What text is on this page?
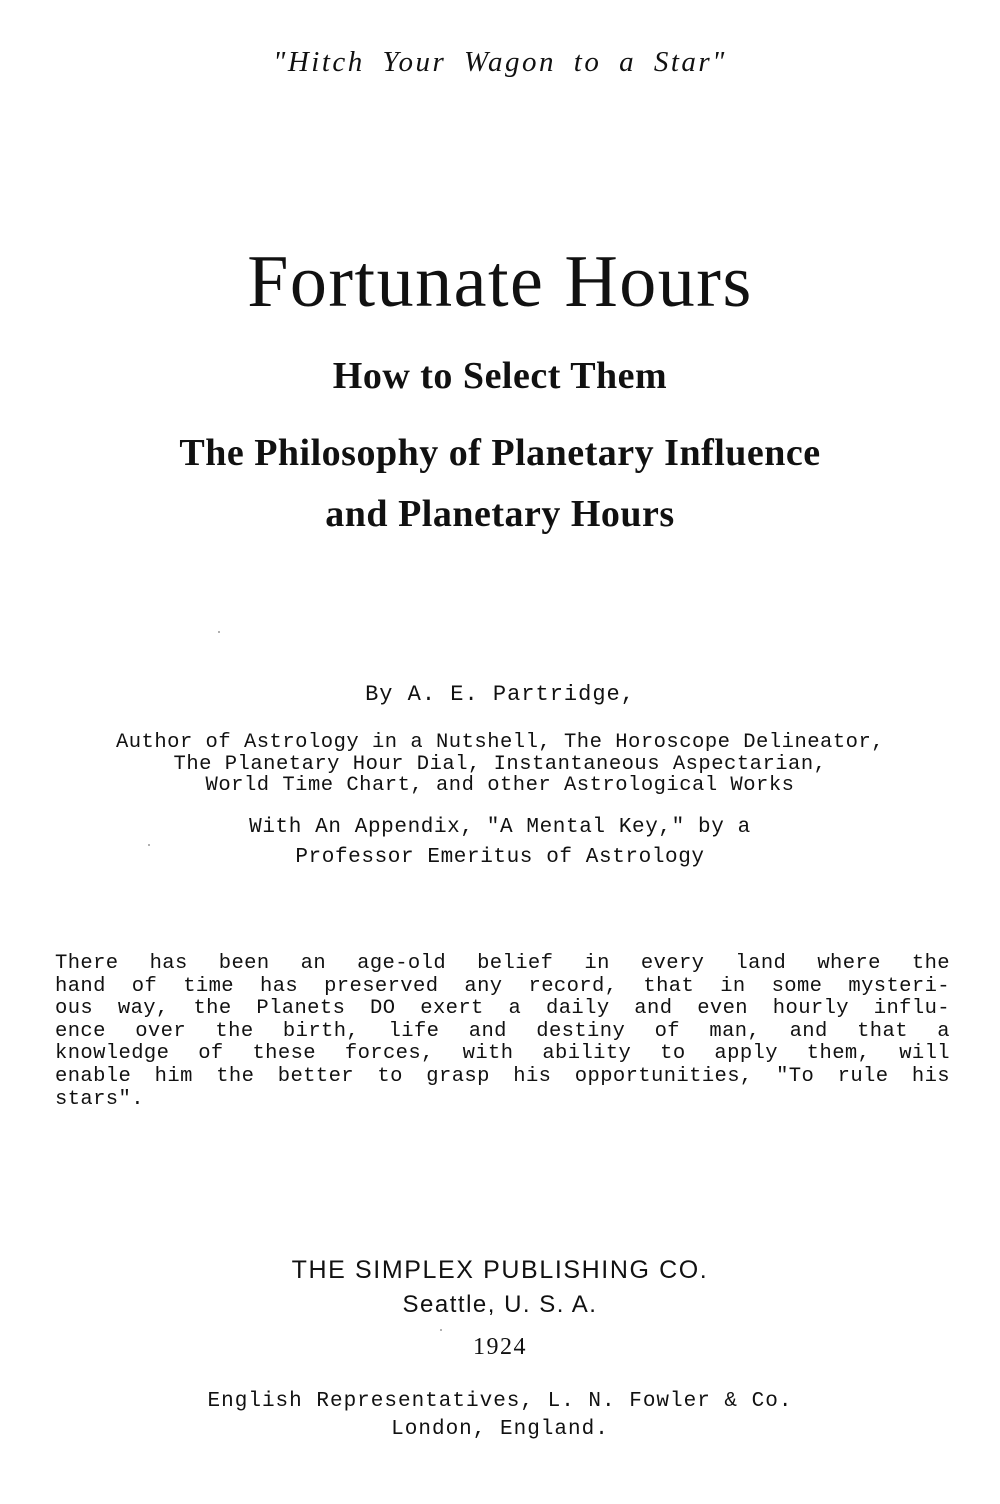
"Hitch Your Wagon to a Star"

Fortunate Hours

How to Select Them

The Philosophy of Planetary Influence

and Planetary Hours

By A. E. Partridge,

Author of Astrology in a Nutshell, The Horoscope Delineator,

The Planetary Hour Dial, Instantaneous Aspectarian,

World Time Chart, and other Astrological Works

With An Appendix, "A Mental Key," by a

Professor Emeritus of Astrology

There has been an age-old belief in every land where the
hand of time has preserved any record, that in some mysteri-
ous way, the Planets DO exert a daily and even hourly influ-
ence over the birth, life and destiny of man, and that a
knowledge of these forces, with ability to apply them, will
enable him the better to grasp his opportunities, "To rule his
stars".

THE SIMPLEX PUBLISHING CO.

Seattle, U. S. A.

1924

English Representatives, L. N. Fowler & Co.

London, England.
